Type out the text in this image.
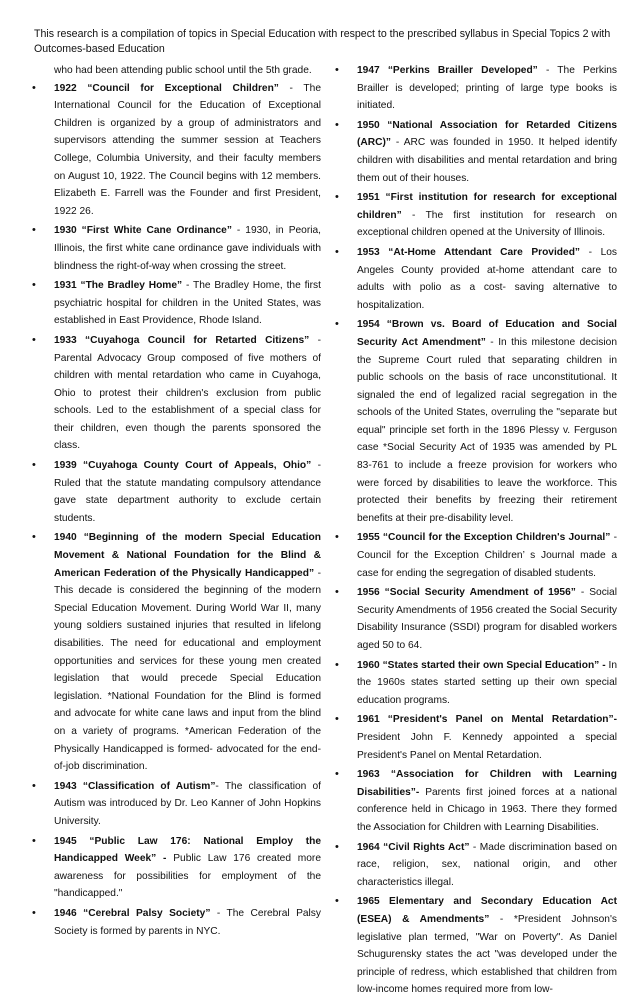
This research is a compilation of topics in Special Education with respect to the prescribed syllabus in Special Topics 2 with Outcomes-based Education

who had been attending public school until the 5th grade.

• 1922 “Council for Exceptional Children” - The International Council for the Education of Exceptional Children is organized by a group of administrators and supervisors attending the summer session at Teachers College, Columbia University, and their faculty members on August 10, 1922. The Council begins with 12 members. Elizabeth E. Farrell was the Founder and first President, 1922 26.
• 1930 “First White Cane Ordinance” - 1930, in Peoria, Illinois, the first white cane ordinance gave individuals with blindness the right-of-way when crossing the street.
• 1931 “The Bradley Home” - The Bradley Home, the first psychiatric hospital for children in the United States, was established in East Providence, Rhode Island.
• 1933 “Cuyahoga Council for Retarted Citizens” - Parental Advocacy Group composed of five mothers of children with mental retardation who came in Cuyahoga, Ohio to protest their children's exclusion from public schools. Led to the establishment of a special class for their children, even though the parents sponsored the class.
• 1939 “Cuyahoga County Court of Appeals, Ohio” - Ruled that the statute mandating compulsory attendance gave state department authority to exclude certain students.
• 1940 “Beginning of the modern Special Education Movement & National Foundation for the Blind & American Federation of the Physically Handicapped” - This decade is considered the beginning of the modern Special Education Movement. During World War II, many young soldiers sustained injuries that resulted in lifelong disabilities. The need for educational and employment opportunities and services for these young men created legislation that would precede Special Education legislation. *National Foundation for the Blind is formed and advocate for white cane laws and input from the blind on a variety of programs. *American Federation of the Physically Handicapped is formed- advocated for the end-of-job discrimination.
• 1943 “Classification of Autism”- The classification of Autism was introduced by Dr. Leo Kanner of John Hopkins University.
• 1945 “Public Law 176: National Employ the Handicapped Week” - Public Law 176 created more awareness for possibilities for employment of the "handicapped."
• 1946 “Cerebral Palsy Society” - The Cerebral Palsy Society is formed by parents in NYC.
• 1947 “Perkins Brailler Developed” - The Perkins Brailler is developed; printing of large type books is initiated.
• 1950 “National Association for Retarded Citizens (ARC)” - ARC was founded in 1950. It helped identify children with disabilities and mental retardation and bring them out of their houses.
• 1951 “First institution for research for exceptional children” - The first institution for research on exceptional children opened at the University of Illinois.
• 1953 “At-Home Attendant Care Provided” - Los Angeles County provided at-home attendant care to adults with polio as a cost- saving alternative to hospitalization.
• 1954 “Brown vs. Board of Education and Social Security Act Amendment” - In this milestone decision the Supreme Court ruled that separating children in public schools on the basis of race unconstitutional. It signaled the end of legalized racial segregation in the schools of the United States, overruling the "separate but equal" principle set forth in the 1896 Plessy v. Ferguson case *Social Security Act of 1935 was amended by PL 83-761 to include a freeze provision for workers who were forced by disabilities to leave the workforce. This protected their benefits by freezing their retirement benefits at their pre-disability level.
• 1955 “Council for the Exception Children's Journal” - Council for the Exception Children’ s Journal made a case for ending the segregation of disabled students.
• 1956 “Social Security Amendment of 1956” - Social Security Amendments of 1956 created the Social Security Disability Insurance (SSDI) program for disabled workers aged 50 to 64.
• 1960 “States started their own Special Education” - In the 1960s states started setting up their own special education programs.
• 1961 “President's Panel on Mental Retardation”- President John F. Kennedy appointed a special President's Panel on Mental Retardation.
• 1963 “Association for Children with Learning Disabilities”- Parents first joined forces at a national conference held in Chicago in 1963. There they formed the Association for Children with Learning Disabilities.
• 1964 “Civil Rights Act” - Made discrimination based on race, religion, sex, national origin, and other characteristics illegal.
• 1965 Elementary and Secondary Education Act (ESEA) & Amendments” - *President Johnson's legislative plan termed, "War on Poverty". As Daniel Schugurensky states the act "was developed under the principle of redress, which established that children from low-income homes required more from low-
